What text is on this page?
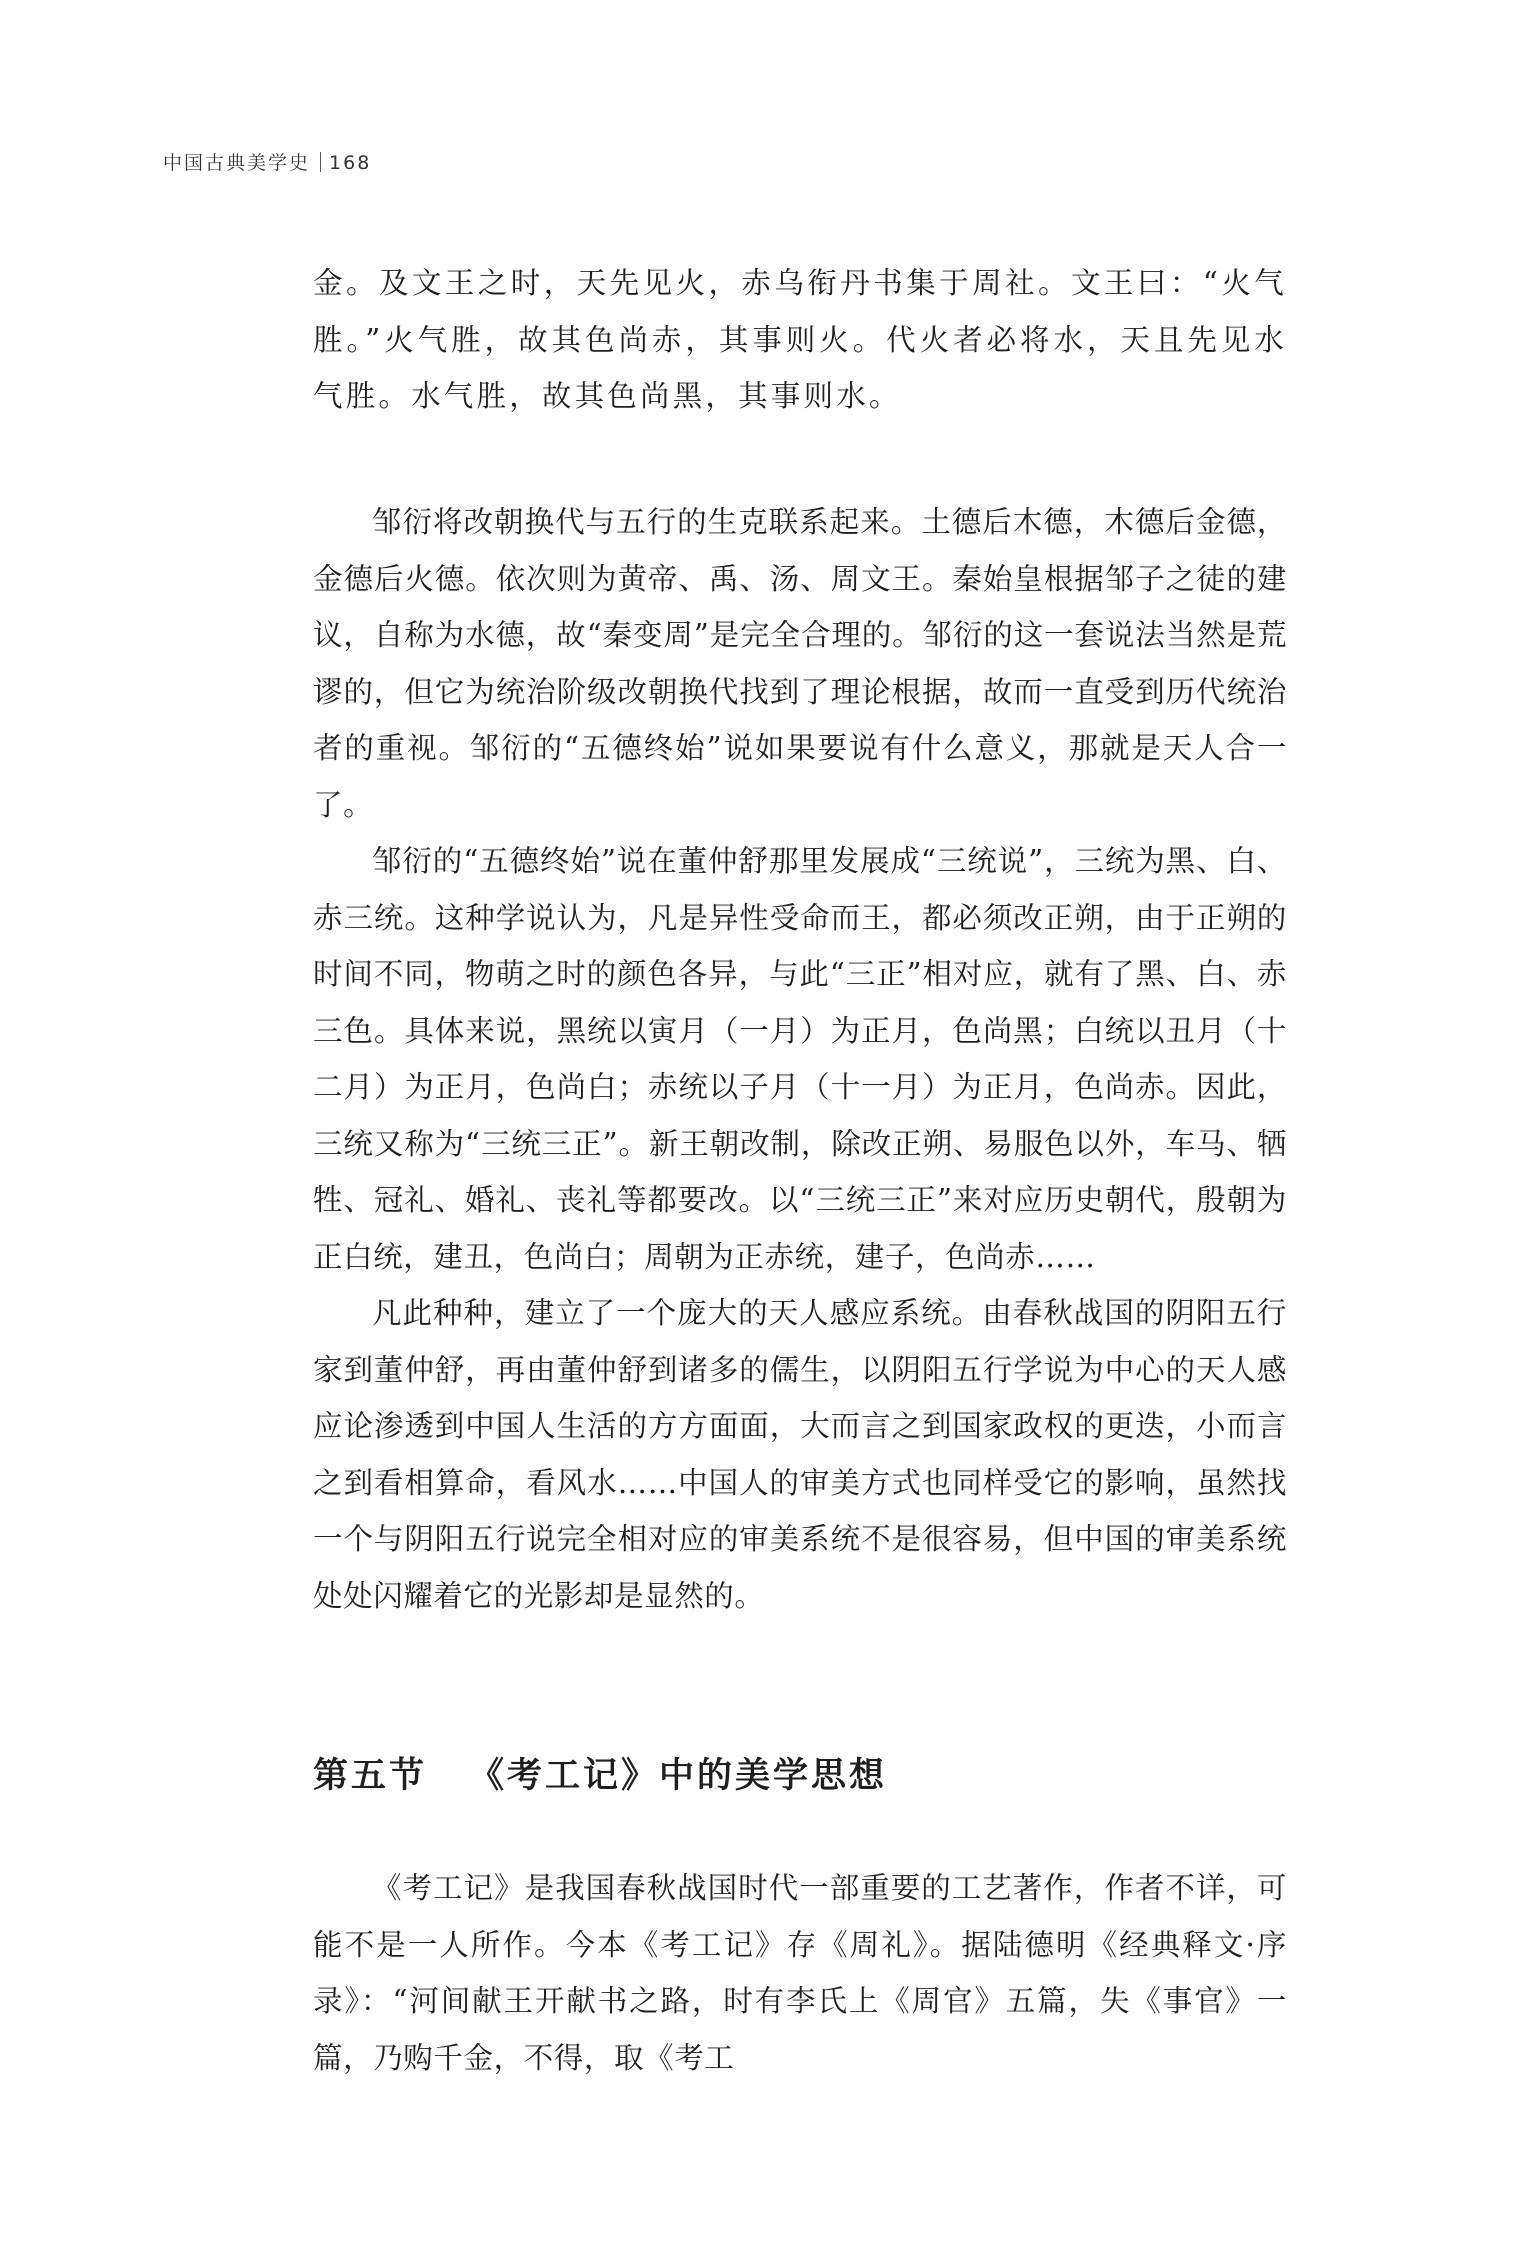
中国古典美学史 168
金。及文王之时，天先见火，赤乌衔丹书集于周社。文王曰：“火气胜。”火气胜，故其色尚赤，其事则火。代火者必将水，天且先见水气胜。水气胜，故其色尚黑，其事则水。

邹衍将改朝换代与五行的生克联系起来。土德后木德，木德后金德，金德后火德。依次则为黄帝、禹、汤、周文王。秦始皇根据邹子之徒的建议，自称为水德，故“秦变周”是完全合理的。邹衍的这一套说法当然是荒谬的，但它为统治阶级改朝换代找到了理论根据，故而一直受到历代统治者的重视。邹衍的“五德终始”说如果要说有什么意义，那就是天人合一了。

邹衍的“五德终始”说在董仲舒那里发展成“三统说”，三统为黑、白、赤三统。这种学说认为，凡是异性受命而王，都必须改正朔，由于正朔的时间不同，物萌之时的颜色各异，与此“三正”相对应，就有了黑、白、赤三色。具体来说，黑统以寅月（一月）为正月，色尚黑；白统以丑月（十二月）为正月，色尚白；赤统以子月（十一月）为正月，色尚赤。因此，三统又称为“三统三正”。新王朝改制，除改正朔、易服色以外，车马、牺牲、冠礼、婚礼、丧礼等都要改。以“三统三正”来对应历史朝代，殷朝为正白统，建丑，色尚白；周朝为正赤统，建子，色尚赤……

凡此种种，建立了一个庞大的天人感应系统。由春秋战国的阴阳五行家到董仲舒，再由董仲舒到诸多的儒生，以阴阳五行学说为中心的天人感应论渗透到中国人生活的方方面面，大而言之到国家政权的更迭，小而言之到看相算命，看风水……中国人的审美方式也同样受它的影响，虽然找一个与阴阳五行说完全相对应的审美系统不是很容易，但中国的审美系统处处闪耀着它的光影却是显然的。

第五节 《考工记》中的美学思想

《考工记》是我国春秋战国时代一部重要的工艺著作，作者不详，可能不是一人所作。今本《考工记》存《周礼》。据陆德明《经典释文·序录》：“河间献王开献书之路，时有李氏上《周官》五篇，失《事官》一篇，乃购千金，不得，取《考工
